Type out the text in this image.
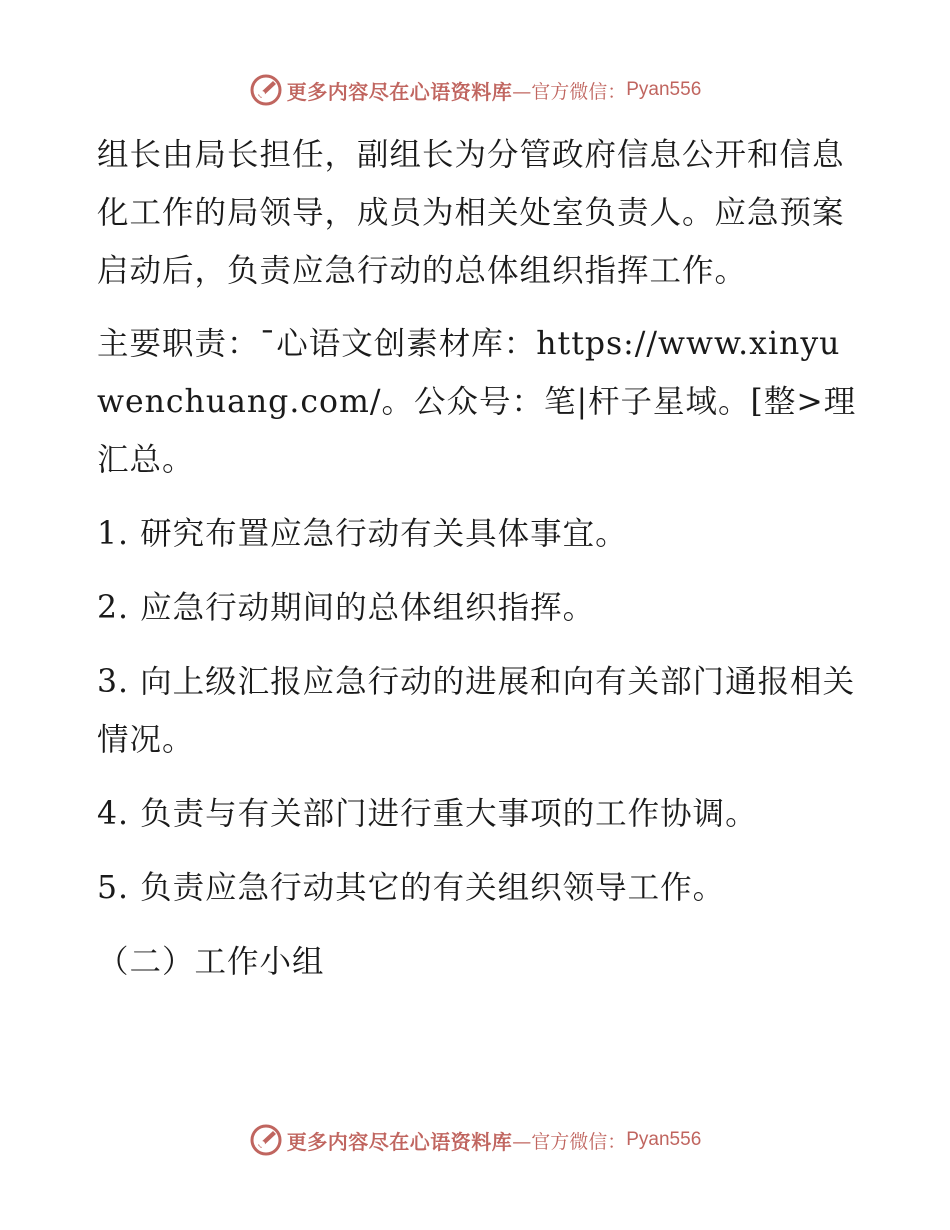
更多内容尽在心语资料库 —官方微信： Pyan556

组长由局长担任，副组长为分管政府信息公开和信息化工作的局领导，成员为相关处室负责人。应急预案启动后，负责应急行动的总体组织指挥工作。

主要职责：¯心语文创素材库：https://www.xinyuwenchuang.com/。公众号：笔|杆子星域。[整>理汇总。

1. 研究布置应急行动有关具体事宜。

2. 应急行动期间的总体组织指挥。

3. 向上级汇报应急行动的进展和向有关部门通报相关情况。

4. 负责与有关部门进行重大事项的工作协调。

5. 负责应急行动其它的有关组织领导工作。

（二）工作小组

更多内容尽在心语资料库 —官方微信： Pyan556
